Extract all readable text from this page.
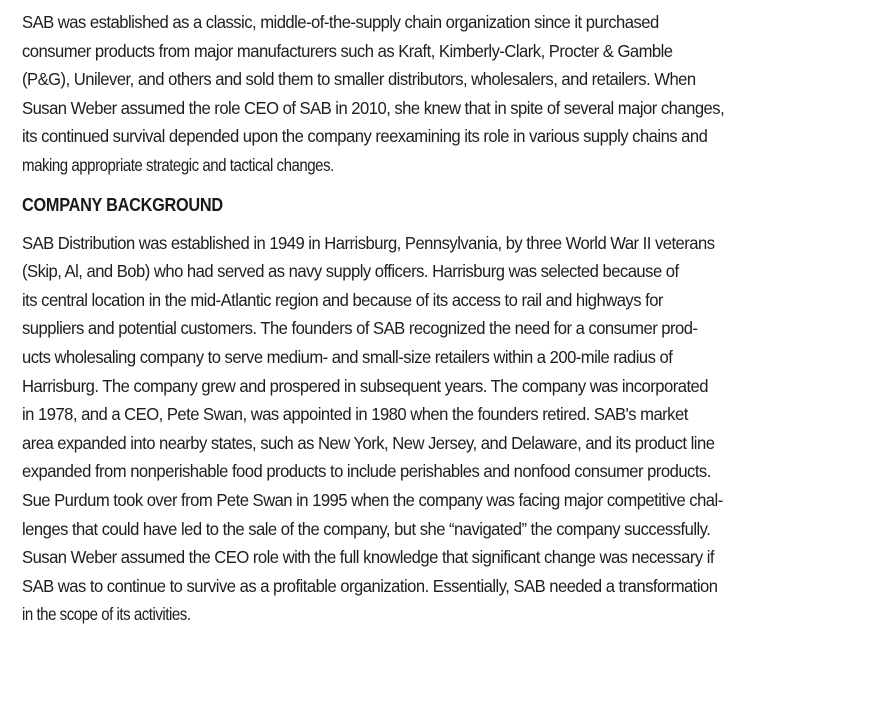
SAB was established as a classic, middle-of-the-supply chain organization since it purchased
consumer products from major manufacturers such as Kraft, Kimberly-Clark, Procter & Gamble
(P&G), Unilever, and others and sold them to smaller distributors, wholesalers, and retailers. When
Susan Weber assumed the role CEO of SAB in 2010, she knew that in spite of several major changes,
its continued survival depended upon the company reexamining its role in various supply chains and
making appropriate strategic and tactical changes.
COMPANY BACKGROUND
SAB Distribution was established in 1949 in Harrisburg, Pennsylvania, by three World War II veterans
(Skip, Al, and Bob) who had served as navy supply officers. Harrisburg was selected because of
its central location in the mid-Atlantic region and because of its access to rail and highways for
suppliers and potential customers. The founders of SAB recognized the need for a consumer prod-
ucts wholesaling company to serve medium- and small-size retailers within a 200-mile radius of
Harrisburg. The company grew and prospered in subsequent years. The company was incorporated
in 1978, and a CEO, Pete Swan, was appointed in 1980 when the founders retired. SAB's market
area expanded into nearby states, such as New York, New Jersey, and Delaware, and its product line
expanded from nonperishable food products to include perishables and nonfood consumer products.
Sue Purdum took over from Pete Swan in 1995 when the company was facing major competitive chal-
lenges that could have led to the sale of the company, but she “navigated” the company successfully.
Susan Weber assumed the CEO role with the full knowledge that significant change was necessary if
SAB was to continue to survive as a profitable organization. Essentially, SAB needed a transformation
in the scope of its activities.
